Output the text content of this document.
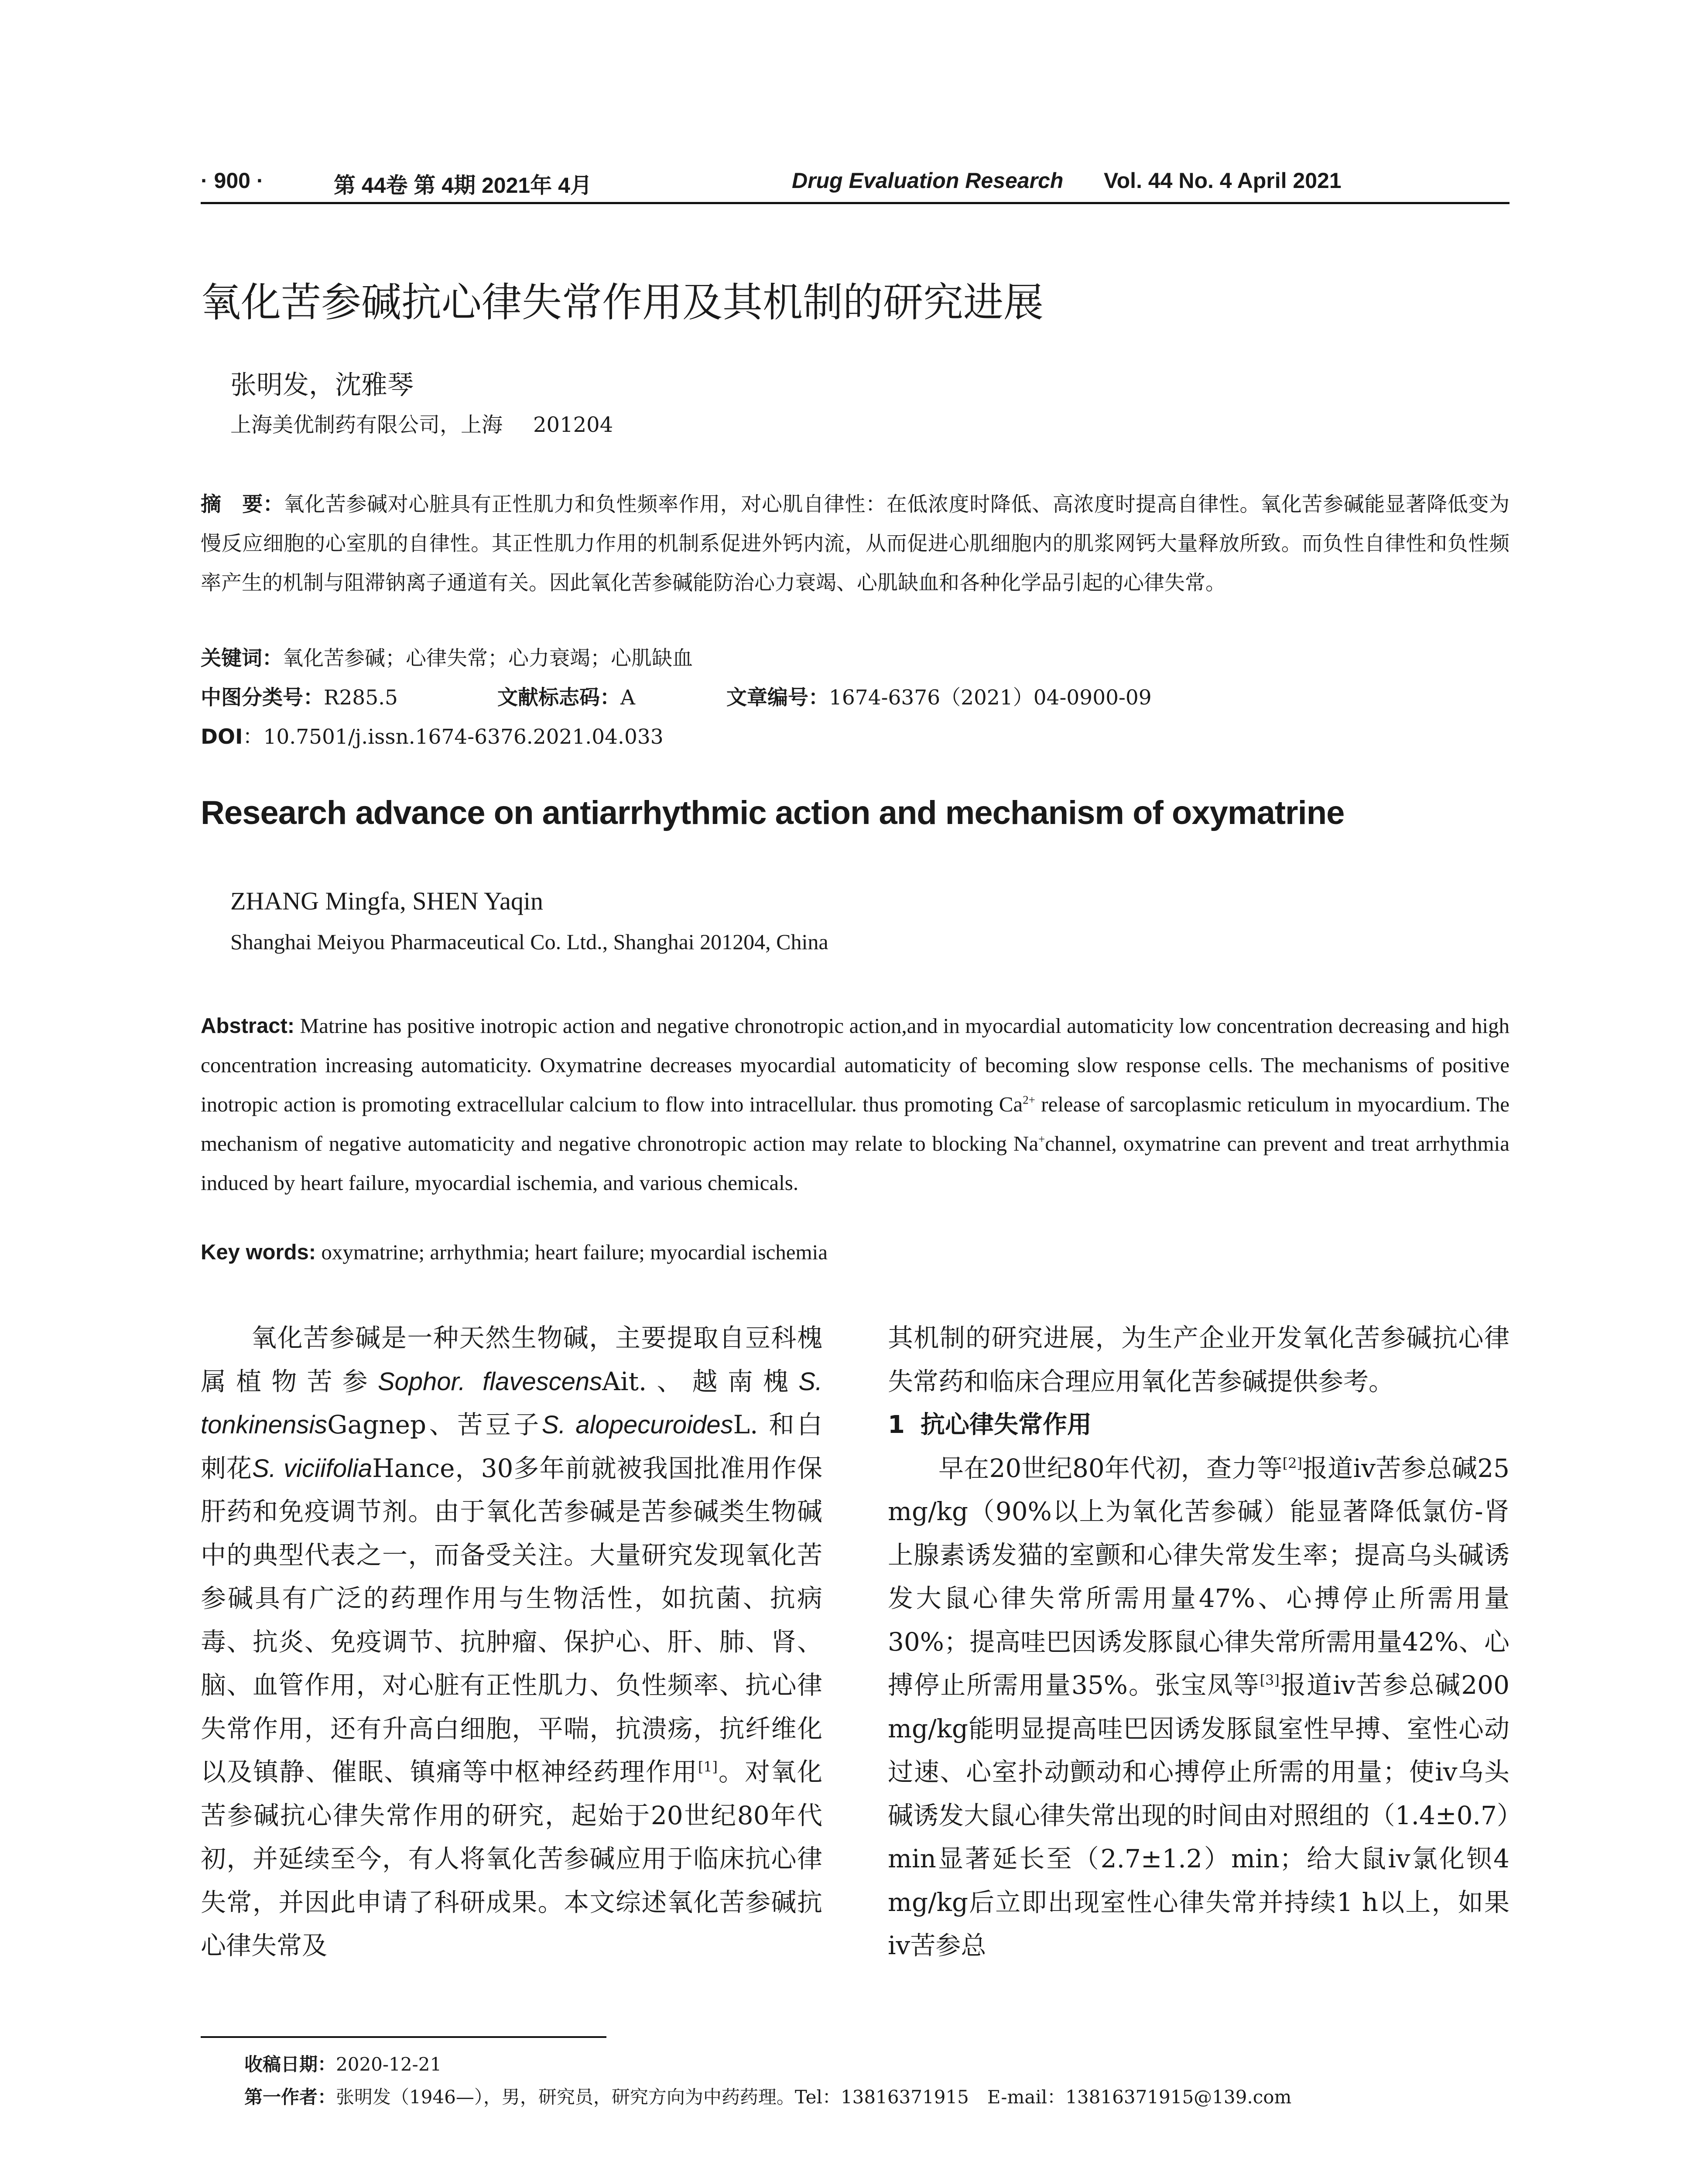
· 900 ·	第 44卷 第 4期 2021年 4月	Drug Evaluation Research Vol. 44 No. 4 April 2021
氧化苦参碱抗心律失常作用及其机制的研究进展
张明发，沈雅琴
上海美优制药有限公司，上海 201204
摘　要：氧化苦参碱对心脏具有正性肌力和负性频率作用，对心肌自律性：在低浓度时降低、高浓度时提高自律性。氧化苦参碱能显著降低变为慢反应细胞的心室肌的自律性。其正性肌力作用的机制系促进外钙内流，从而促进心肌细胞内的肌浆网钙大量释放所致。而负性自律性和负性频率产生的机制与阻滞钠离子通道有关。因此氧化苦参碱能防治心力衰竭、心肌缺血和各种化学品引起的心律失常。
关键词：氧化苦参碱；心律失常；心力衰竭；心肌缺血
中图分类号：R285.5	文献标志码：A	文章编号：1674-6376（2021）04-0900-09
DOI：10.7501/j.issn.1674-6376.2021.04.033
Research advance on antiarrhythmic action and mechanism of oxymatrine
ZHANG Mingfa, SHEN Yaqin
Shanghai Meiyou Pharmaceutical Co. Ltd., Shanghai 201204, China
Abstract: Matrine has positive inotropic action and negative chronotropic action,and in myocardial automaticity low concentration decreasing and high concentration increasing automaticity. Oxymatrine decreases myocardial automaticity of becoming slow response cells. The mechanisms of positive inotropic action is promoting extracellular calcium to flow into intracellular. thus promoting $Ca^{2+}$ release of sarcoplasmic reticulum in myocardium. The mechanism of negative automaticity and negative chronotropic action may relate to blocking Na+channel, oxymatrine can prevent and treat arrhythmia induced by heart failure, myocardial ischemia, and various chemicals.
Key words: oxymatrine; arrhythmia; heart failure; myocardial ischemia

氧化苦参碱是一种天然生物碱，主要提取自豆科槐属植物苦参Sophor. flavescensAit.、越南槐S. tonkinensisGagnep、苦豆子S. alopecuroidesL. 和白刺花S. viciifoliaHance，30多年前就被我国批准用作保肝药和免疫调节剂。由于氧化苦参碱是苦参碱类生物碱中的典型代表之一，而备受关注。大量研究发现氧化苦参碱具有广泛的药理作用与生物活性，如抗菌、抗病毒、抗炎、免疫调节、抗肿瘤、保护心、肝、肺、肾、脑、血管作用，对心脏有正性肌力、负性频率、抗心律失常作用，还有升高白细胞，平喘，抗溃疡，抗纤维化以及镇静、催眠、镇痛等中枢神经药理作用[1]。对氧化苦参碱抗心律失常作用的研究，起始于20世纪80年代初，并延续至今，有人将氧化苦参碱应用于临床抗心律失常，并因此申请了科研成果。本文综述氧化苦参碱抗心律失常及

其机制的研究进展，为生产企业开发氧化苦参碱抗心律失常药和临床合理应用氧化苦参碱提供参考。

1 抗心律失常作用

早在20世纪80年代初，查力等[2]报道iv苦参总碱25 mg/kg（90%以上为氧化苦参碱）能显著降低氯仿-肾上腺素诱发猫的室颤和心律失常发生率；提高乌头碱诱发大鼠心律失常所需用量47%、心搏停止所需用量30%；提高哇巴因诱发豚鼠心律失常所需用量42%、心搏停止所需用量35%。张宝凤等[3]报道iv苦参总碱200 mg/kg能明显提高哇巴因诱发豚鼠室性早搏、室性心动过速、心室扑动颤动和心搏停止所需的用量；使iv乌头碱诱发大鼠心律失常出现的时间由对照组的（1.4±0.7）min显著延长至（2.7±1.2）min；给大鼠iv氯化钡4 mg/kg后立即出现室性心律失常并持续1 h以上，如果iv苦参总

收稿日期：2020-12-21
第一作者：张明发（1946—），男，研究员，研究方向为中药药理。Tel：13816371915　E-mail：13816371915@139.com
